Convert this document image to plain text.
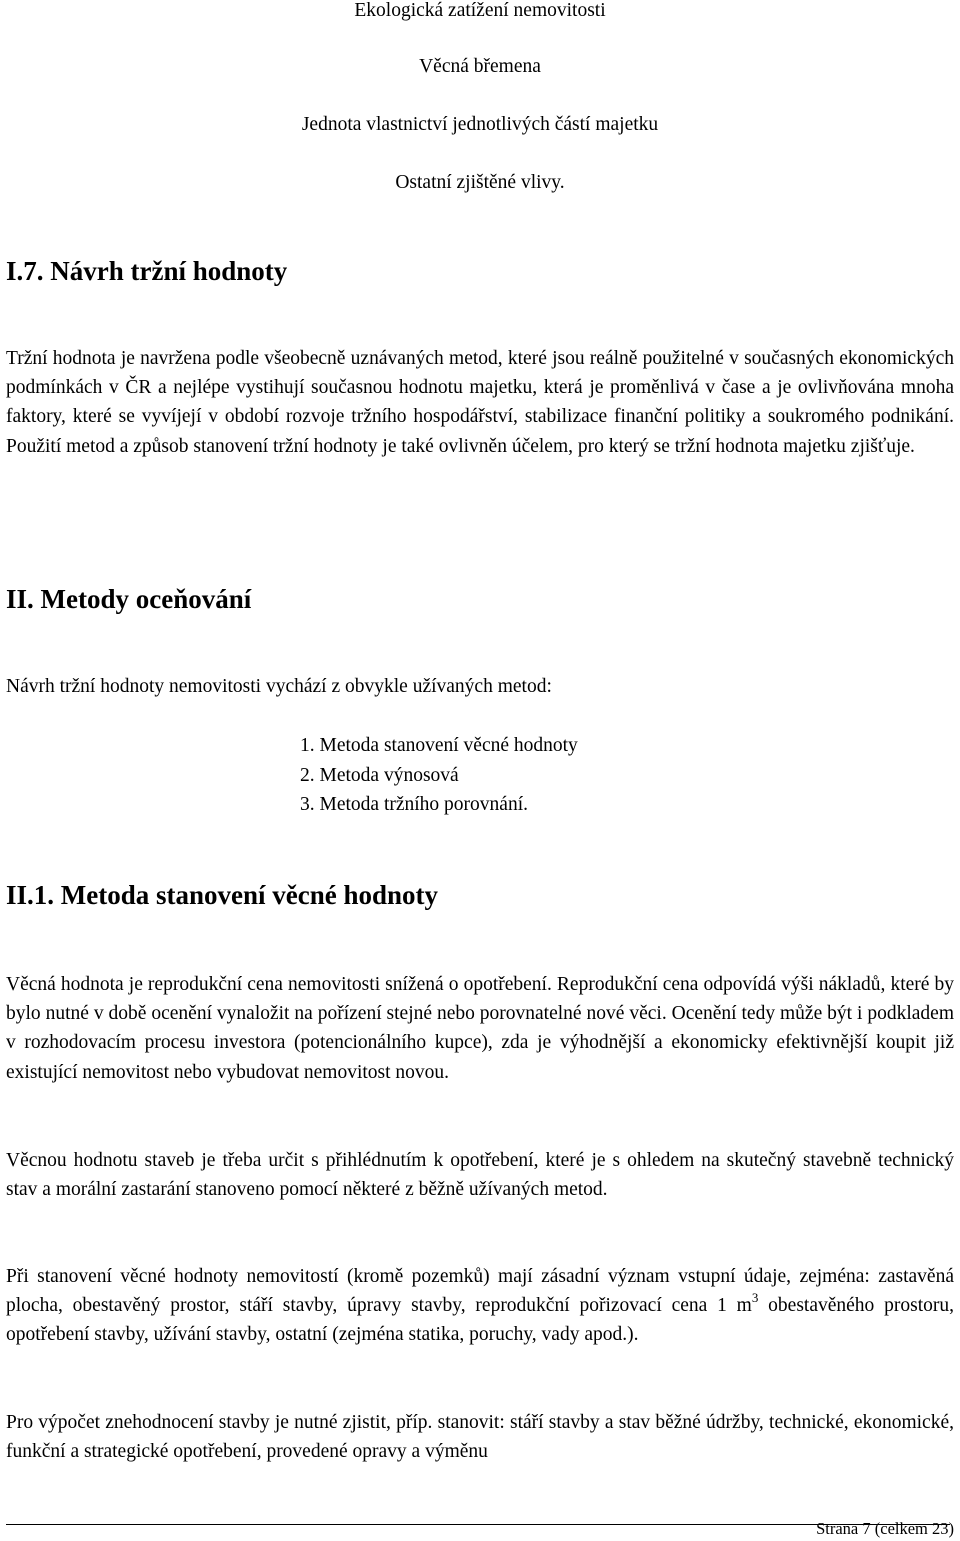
Ekologická zatížení nemovitosti
Věcná břemena
Jednota vlastnictví jednotlivých částí majetku
Ostatní zjištěné vlivy.
I.7. Návrh tržní hodnoty
Tržní hodnota je navržena podle všeobecně uznávaných metod, které jsou reálně použitelné v současných ekonomických podmínkách v ČR a nejlépe vystihují současnou hodnotu majetku, která je proměnlivá v čase a je ovlivňována mnoha faktory, které se vyvíjejí v období rozvoje tržního hospodářství, stabilizace finanční politiky a soukromého podnikání. Použití metod a způsob stanovení tržní hodnoty je také ovlivněn účelem, pro který se tržní hodnota majetku zjišťuje.
II. Metody oceňování
Návrh tržní hodnoty nemovitosti vychází z obvykle užívaných metod:
1. Metoda stanovení věcné hodnoty
2. Metoda výnosová
3. Metoda tržního porovnání.
II.1. Metoda stanovení věcné hodnoty
Věcná hodnota je reprodukční cena nemovitosti snížená o opotřebení. Reprodukční cena odpovídá výši nákladů, které by bylo nutné v době ocenění vynaložit na pořízení stejné nebo porovnatelné nové věci. Ocenění tedy může být i podkladem v rozhodovacím procesu investora (potencionálního kupce), zda je výhodnější a ekonomicky efektivnější koupit již existující nemovitost nebo vybudovat nemovitost novou.
Věcnou hodnotu staveb je třeba určit s přihlédnutím k opotřebení, které je s ohledem na skutečný stavebně technický stav a morální zastarání stanoveno pomocí některé z běžně užívaných metod.
Při stanovení věcné hodnoty nemovitostí (kromě pozemků) mají zásadní význam vstupní údaje, zejména: zastavěná plocha, obestavěný prostor, stáří stavby, úpravy stavby, reprodukční pořizovací cena 1 $m^3$ obestavěného prostoru, opotřebení stavby, užívání stavby, ostatní (zejména statika, poruchy, vady apod.).
Pro výpočet znehodnocení stavby je nutné zjistit, příp. stanovit: stáří stavby a stav běžné údržby, technické, ekonomické, funkční a strategické opotřebení, provedené opravy a výměnu
Strana 7 (celkem 23)
